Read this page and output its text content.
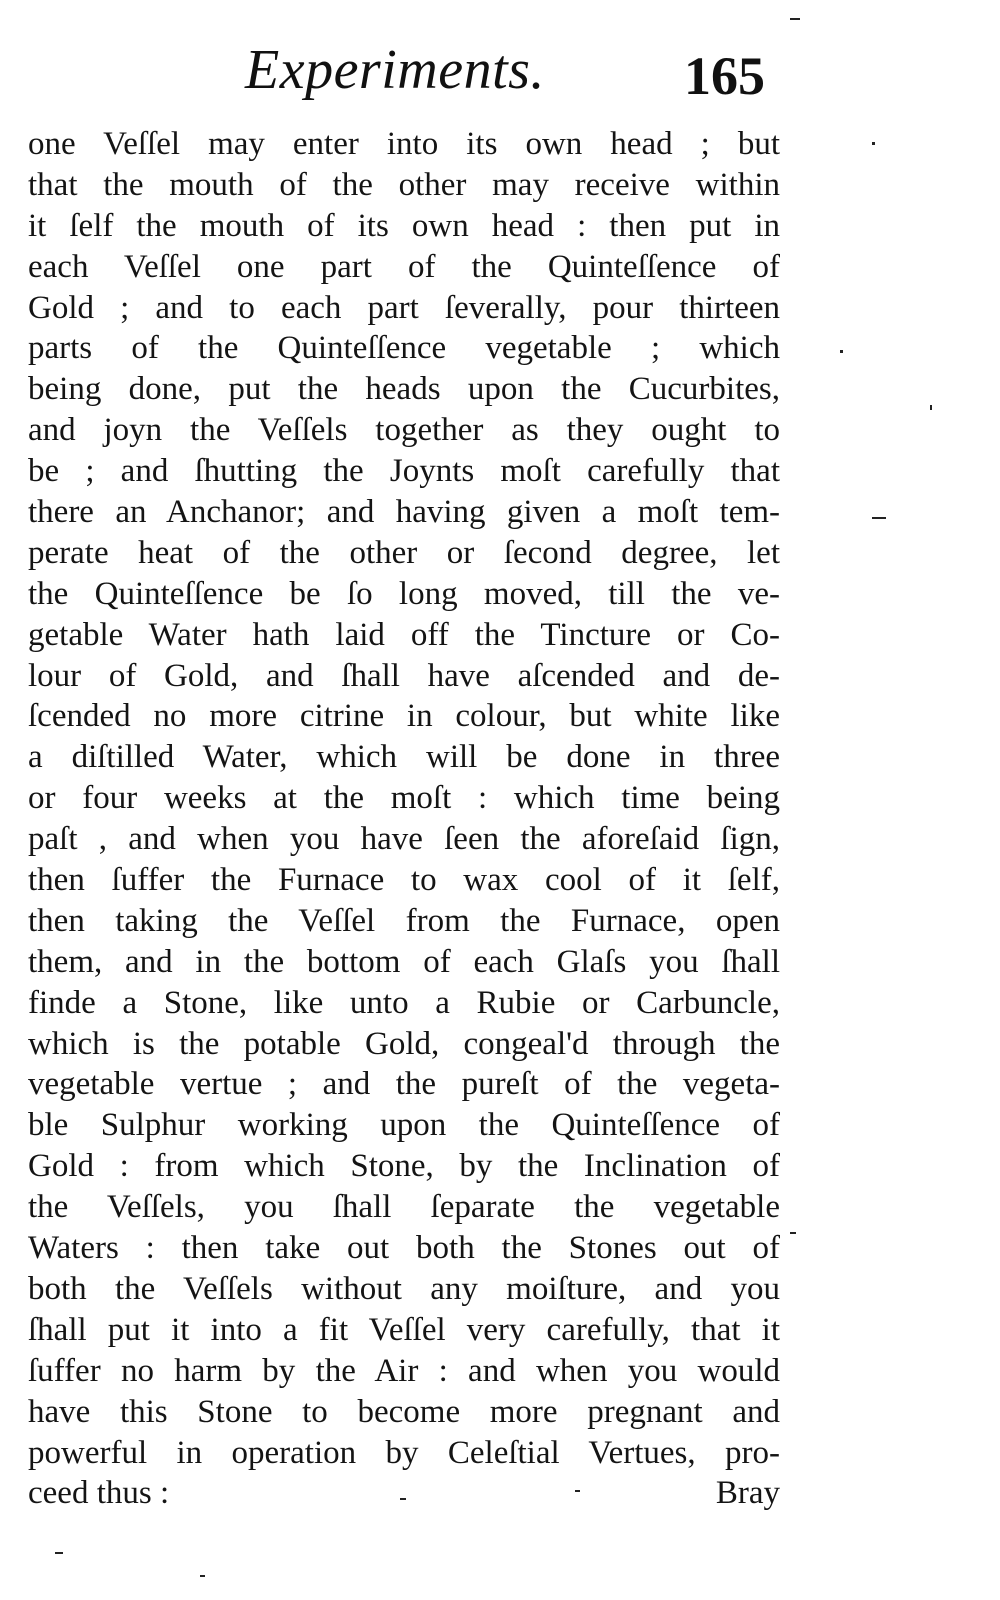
Experiments.	165
one Veſſel may enter into its own head ; but
that the mouth of the other may receive within
it ſelf the mouth of its own head : then put in
each Veſſel one part of the Quinteſſence of
Gold ; and to each part ſeverally, pour thirteen
parts of the Quinteſſence vegetable ; which
being done, put the heads upon the Cucurbites,
and joyn the Veſſels together as they ought to
be ; and ſhutting the Joynts moſt carefully that
there an Anchanor; and having given a moſt tem-
perate heat of the other or ſecond degree, let
the Quinteſſence be ſo long moved, till the ve-
getable Water hath laid off the Tincture or Co-
lour of Gold, and ſhall have aſcended and de-
ſcended no more citrine in colour, but white like
a diſtilled Water, which will be done in three
or four weeks at the moſt : which time being
paſt , and when you have ſeen the aforeſaid ſign,
then ſuffer the Furnace to wax cool of it ſelf,
then taking the Veſſel from the Furnace, open
them, and in the bottom of each Glaſs you ſhall
finde a Stone, like unto a Rubie or Carbuncle,
which is the potable Gold, congeal'd through the
vegetable vertue ; and the pureſt of the vegeta-
ble Sulphur working upon the Quinteſſence of
Gold : from which Stone, by the Inclination of
the Veſſels, you ſhall ſeparate the vegetable
Waters : then take out both the Stones out of
both the Veſſels without any moiſture, and you
ſhall put it into a fit Veſſel very carefully, that it
ſuffer no harm by the Air : and when you would
have this Stone to become more pregnant and
powerful in operation by Celeſtial Vertues, pro-
ceed thus :	Bray
